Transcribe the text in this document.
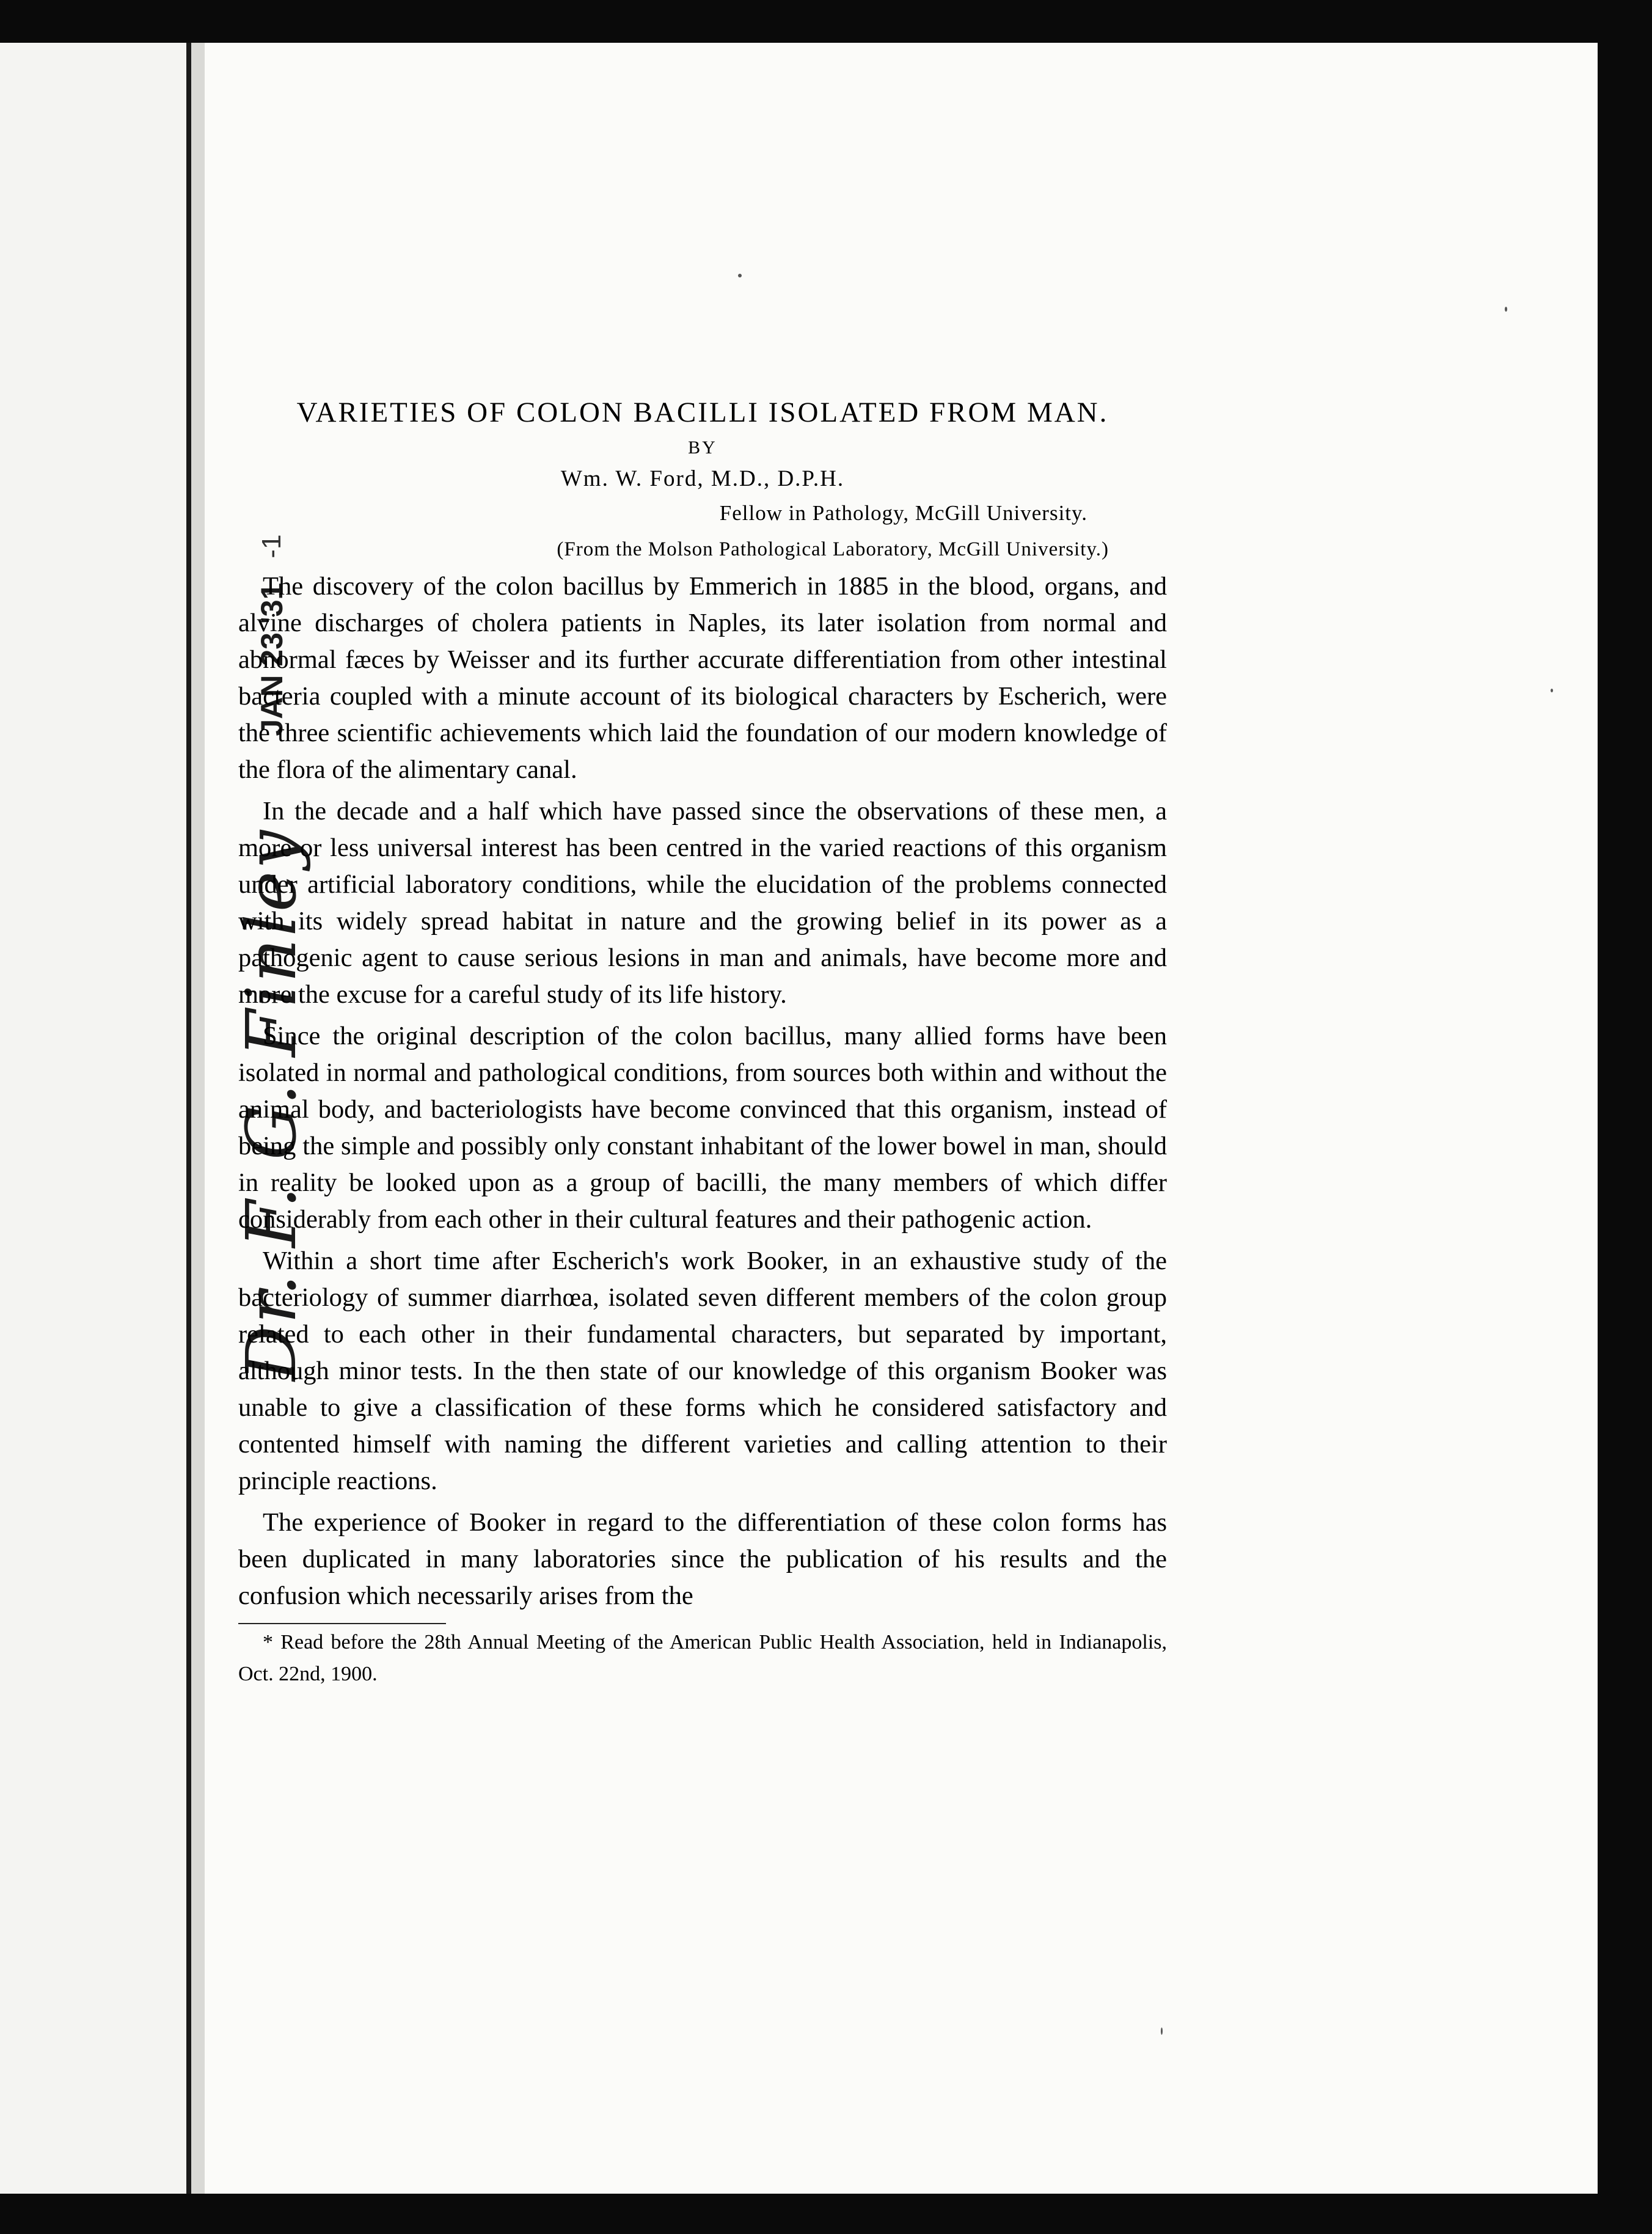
Dr. F. G. Finley
JAN 23 '31
-1
VARIETIES OF COLON BACILLI ISOLATED FROM MAN.
BY
Wm. W. Ford, M.D., D.P.H.
Fellow in Pathology, McGill University.
(From the Molson Pathological Laboratory, McGill University.)

The discovery of the colon bacillus by Emmerich in 1885 in the blood, organs, and alvine discharges of cholera patients in Naples, its later isolation from normal and abnormal fæces by Weisser and its further accurate differentiation from other intestinal bacteria coupled with a minute account of its biological characters by Escherich, were the three scientific achievements which laid the foundation of our modern knowledge of the flora of the alimentary canal.

In the decade and a half which have passed since the observations of these men, a more or less universal interest has been centred in the varied reactions of this organism under artificial laboratory conditions, while the elucidation of the problems connected with its widely spread habitat in nature and the growing belief in its power as a pathogenic agent to cause serious lesions in man and animals, have become more and more the excuse for a careful study of its life history.

Since the original description of the colon bacillus, many allied forms have been isolated in normal and pathological conditions, from sources both within and without the animal body, and bacteriologists have become convinced that this organism, instead of being the simple and possibly only constant inhabitant of the lower bowel in man, should in reality be looked upon as a group of bacilli, the many members of which differ considerably from each other in their cultural features and their pathogenic action.

Within a short time after Escherich's work Booker, in an exhaustive study of the bacteriology of summer diarrhœa, isolated seven different members of the colon group related to each other in their fundamental characters, but separated by important, although minor tests. In the then state of our knowledge of this organism Booker was unable to give a classification of these forms which he considered satisfactory and contented himself with naming the different varieties and calling attention to their principle reactions.

The experience of Booker in regard to the differentiation of these colon forms has been duplicated in many laboratories since the publication of his results and the confusion which necessarily arises from the

* Read before the 28th Annual Meeting of the American Public Health Association, held in Indianapolis, Oct. 22nd, 1900.
